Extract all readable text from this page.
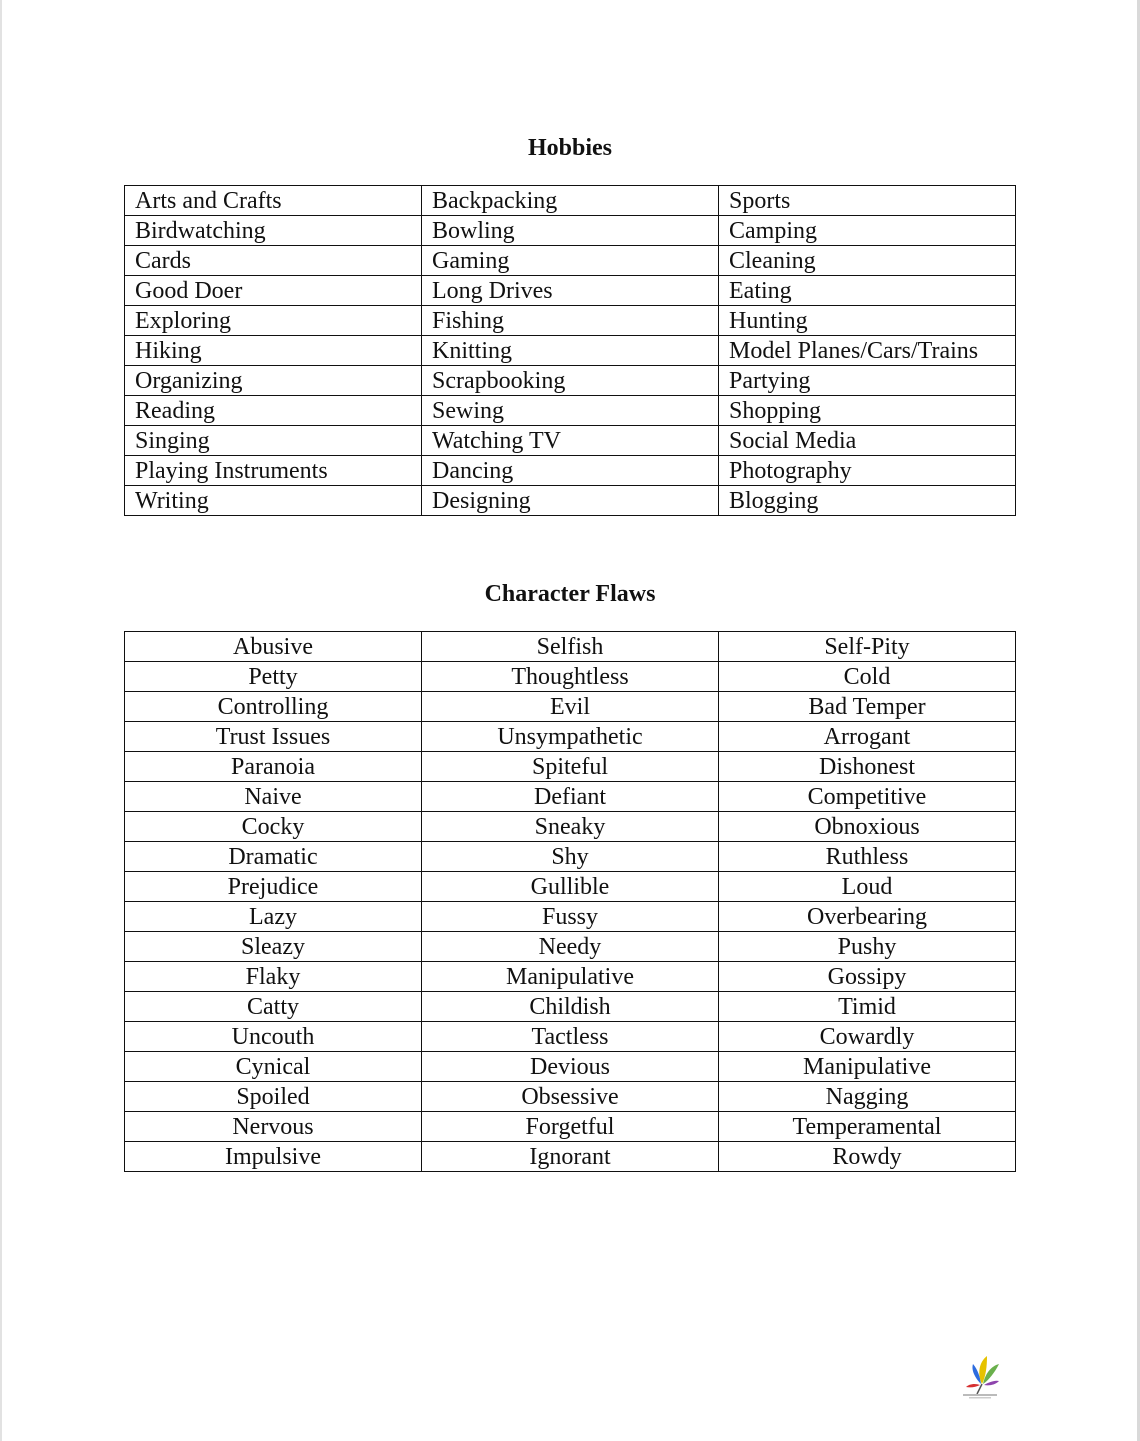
Hobbies
Arts and Crafts	Backpacking	Sports
Birdwatching	Bowling	Camping
Cards	Gaming	Cleaning
Good Doer	Long Drives	Eating
Exploring	Fishing	Hunting
Hiking	Knitting	Model Planes/Cars/Trains
Organizing	Scrapbooking	Partying
Reading	Sewing	Shopping
Singing	Watching TV	Social Media
Playing Instruments	Dancing	Photography
Writing	Designing	Blogging
Character Flaws
Abusive	Selfish	Self-Pity
Petty	Thoughtless	Cold
Controlling	Evil	Bad Temper
Trust Issues	Unsympathetic	Arrogant
Paranoia	Spiteful	Dishonest
Naive	Defiant	Competitive
Cocky	Sneaky	Obnoxious
Dramatic	Shy	Ruthless
Prejudice	Gullible	Loud
Lazy	Fussy	Overbearing
Sleazy	Needy	Pushy
Flaky	Manipulative	Gossipy
Catty	Childish	Timid
Uncouth	Tactless	Cowardly
Cynical	Devious	Manipulative
Spoiled	Obsessive	Nagging
Nervous	Forgetful	Temperamental
Impulsive	Ignorant	Rowdy
